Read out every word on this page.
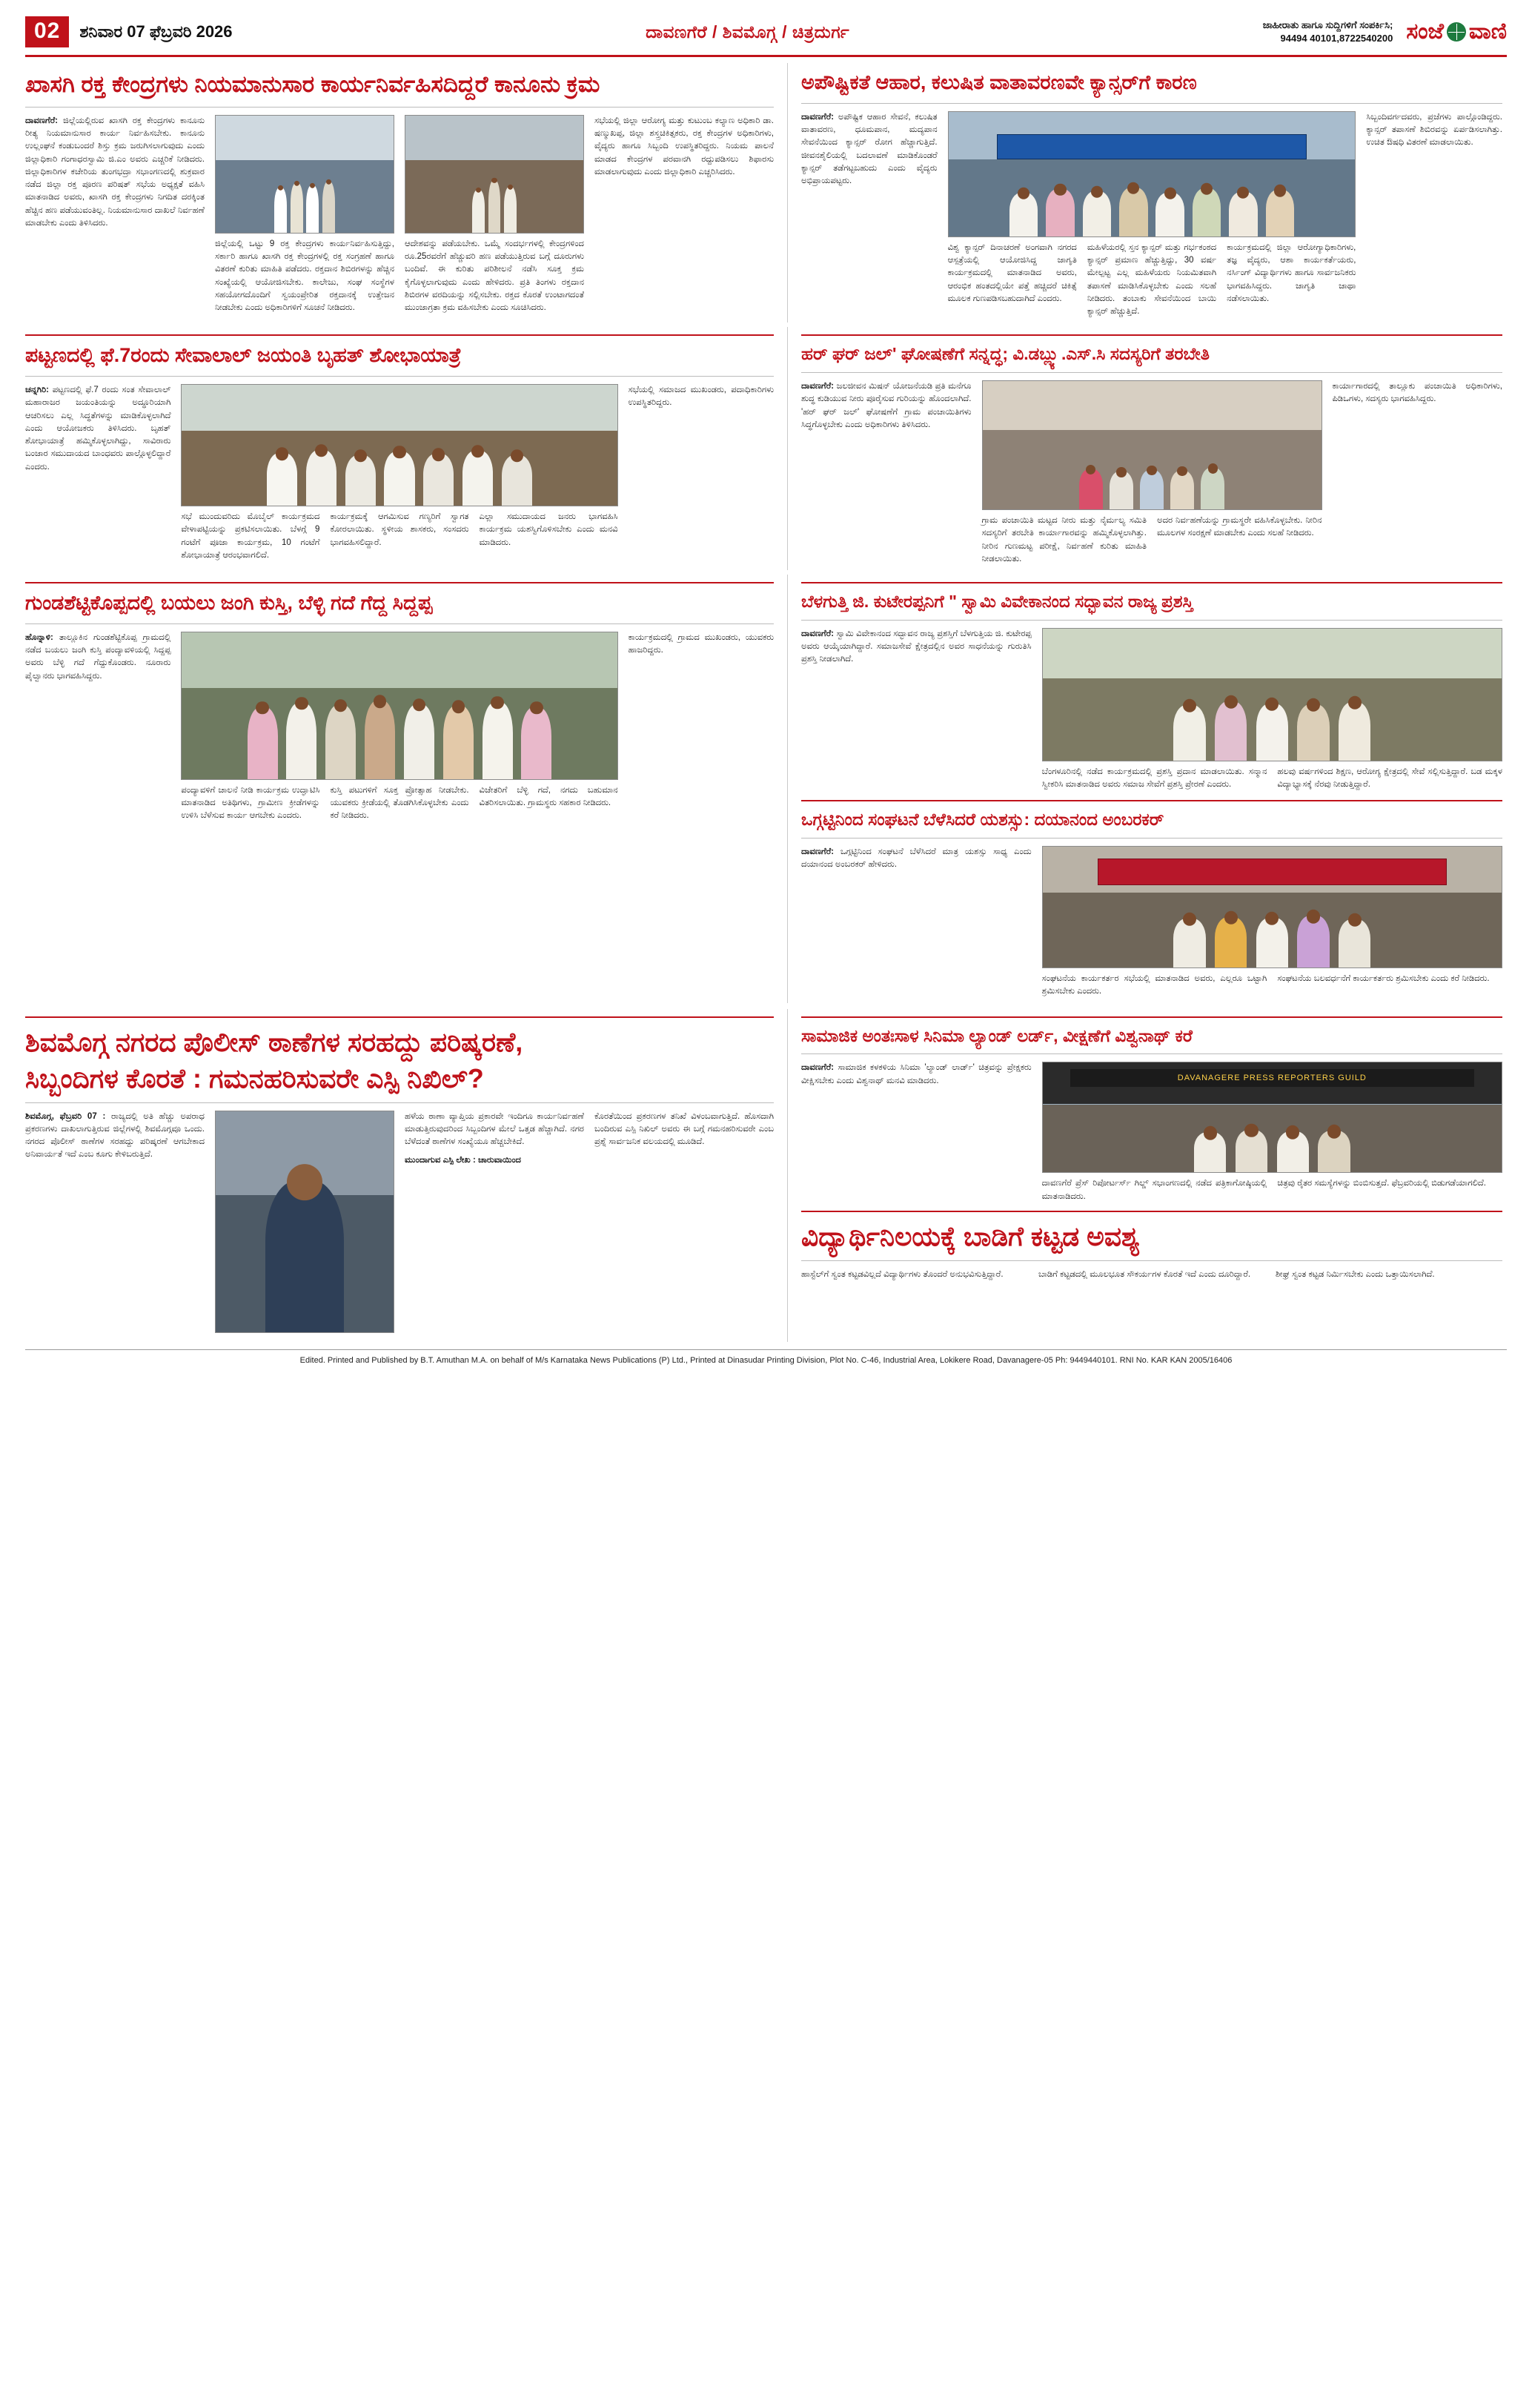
02	ಶನಿವಾರ 07 ಫೆಬ್ರವರಿ 2026	ದಾವಣಗೆರೆ / ಶಿವಮೊಗ್ಗ / ಚಿತ್ರದುರ್ಗ	ಜಾಹೀರಾತು ಹಾಗೂ ಸುದ್ದಿಗಳಿಗೆ ಸಂಪರ್ಕಿಸಿ;
94494 40101,8722540200 ಸಂಜೆ ವಾಣಿ
ಖಾಸಗಿ ರಕ್ತ ಕೇಂದ್ರಗಳು ನಿಯಮಾನುಸಾರ ಕಾರ್ಯನಿರ್ವಹಿಸದಿದ್ದರೆ ಕಾನೂನು ಕ್ರಮ
ದಾವಣಗೆರೆ: ಜಿಲ್ಲೆಯಲ್ಲಿರುವ ಖಾಸಗಿ ರಕ್ತ ಕೇಂದ್ರಗಳು ಕಾನೂನು ರೀತ್ಯ ನಿಯಮಾನುಸಾರ ಕಾರ್ಯ ನಿರ್ವಹಿಸಬೇಕು. ಕಾನೂನು ಉಲ್ಲಂಘನೆ ಕಂಡುಬಂದರೆ ಶಿಸ್ತು ಕ್ರಮ ಜರುಗಿಸಲಾಗುವುದು ಎಂದು ಜಿಲ್ಲಾಧಿಕಾರಿ ಗಂಗಾಧರಸ್ವಾಮಿ ಜಿ.ಎಂ ಅವರು ಎಚ್ಚರಿಕೆ ನೀಡಿದರು. ಜಿಲ್ಲಾಧಿಕಾರಿಗಳ ಕಚೇರಿಯ ತುಂಗಭದ್ರಾ ಸಭಾಂಗಣದಲ್ಲಿ ಶುಕ್ರವಾರ ನಡೆದ ಜಿಲ್ಲಾ ರಕ್ತ ಪೂರಣ ಪರಿಷತ್ ಸಭೆಯ ಅಧ್ಯಕ್ಷತೆ ವಹಿಸಿ ಮಾತನಾಡಿದ ಅವರು, ಖಾಸಗಿ ರಕ್ತ ಕೇಂದ್ರಗಳು ನಿಗದಿತ ದರಕ್ಕಿಂತ ಹೆಚ್ಚಿನ ಹಣ ಪಡೆಯುವಂತಿಲ್ಲ. ನಿಯಮಾನುಸಾರ ದಾಖಲೆ ನಿರ್ವಹಣೆ ಮಾಡಬೇಕು ಎಂದು ತಿಳಿಸಿದರು.
ಜಿಲ್ಲೆಯಲ್ಲಿ ಒಟ್ಟು 9 ರಕ್ತ ಕೇಂದ್ರಗಳು ಕಾರ್ಯನಿರ್ವಹಿಸುತ್ತಿದ್ದು, ಸರ್ಕಾರಿ ಹಾಗೂ ಖಾಸಗಿ ರಕ್ತ ಕೇಂದ್ರಗಳಲ್ಲಿ ರಕ್ತ ಸಂಗ್ರಹಣೆ ಹಾಗೂ ವಿತರಣೆ ಕುರಿತು ಮಾಹಿತಿ ಪಡೆದರು. ರಕ್ತದಾನ ಶಿಬಿರಗಳನ್ನು ಹೆಚ್ಚಿನ ಸಂಖ್ಯೆಯಲ್ಲಿ ಆಯೋಜಿಸಬೇಕು. ಕಾಲೇಜು, ಸಂಘ ಸಂಸ್ಥೆಗಳ ಸಹಯೋಗದೊಂದಿಗೆ ಸ್ವಯಂಪ್ರೇರಿತ ರಕ್ತದಾನಕ್ಕೆ ಉತ್ತೇಜನ ನೀಡಬೇಕು ಎಂದು ಅಧಿಕಾರಿಗಳಿಗೆ ಸೂಚನೆ ನೀಡಿದರು.
ಆದೇಶವನ್ನು ಪಡೆಯಬೇಕು. ಒಮ್ಮೆ ಸಂದರ್ಭಗಳಲ್ಲಿ ಕೇಂದ್ರಗಳಿಂದ ರೂ.25ರವರೆಗೆ ಹೆಚ್ಚುವರಿ ಹಣ ಪಡೆಯುತ್ತಿರುವ ಬಗ್ಗೆ ದೂರುಗಳು ಬಂದಿವೆ. ಈ ಕುರಿತು ಪರಿಶೀಲನೆ ನಡೆಸಿ ಸೂಕ್ತ ಕ್ರಮ ಕೈಗೊಳ್ಳಲಾಗುವುದು ಎಂದು ಹೇಳಿದರು. ಪ್ರತಿ ತಿಂಗಳು ರಕ್ತದಾನ ಶಿಬಿರಗಳ ವರದಿಯನ್ನು ಸಲ್ಲಿಸಬೇಕು. ರಕ್ತದ ಕೊರತೆ ಉಂಟಾಗದಂತೆ ಮುಂಜಾಗ್ರತಾ ಕ್ರಮ ವಹಿಸಬೇಕು ಎಂದು ಸೂಚಿಸಿದರು.
ಸಭೆಯಲ್ಲಿ ಜಿಲ್ಲಾ ಆರೋಗ್ಯ ಮತ್ತು ಕುಟುಂಬ ಕಲ್ಯಾಣ ಅಧಿಕಾರಿ ಡಾ. ಷಣ್ಮುಖಪ್ಪ, ಜಿಲ್ಲಾ ಶಸ್ತ್ರಚಿಕಿತ್ಸಕರು, ರಕ್ತ ಕೇಂದ್ರಗಳ ಅಧಿಕಾರಿಗಳು, ವೈದ್ಯರು ಹಾಗೂ ಸಿಬ್ಬಂದಿ ಉಪಸ್ಥಿತರಿದ್ದರು. ನಿಯಮ ಪಾಲನೆ ಮಾಡದ ಕೇಂದ್ರಗಳ ಪರವಾನಗಿ ರದ್ದುಪಡಿಸಲು ಶಿಫಾರಸು ಮಾಡಲಾಗುವುದು ಎಂದು ಜಿಲ್ಲಾಧಿಕಾರಿ ಎಚ್ಚರಿಸಿದರು.
ಅಪೌಷ್ಟಿಕತೆ ಆಹಾರ, ಕಲುಷಿತ ವಾತಾವರಣವೇ ಕ್ಯಾನ್ಸರ್‌ಗೆ ಕಾರಣ
ದಾವಣಗೆರೆ: ಅಪೌಷ್ಟಿಕ ಆಹಾರ ಸೇವನೆ, ಕಲುಷಿತ ವಾತಾವರಣ, ಧೂಮಪಾನ, ಮದ್ಯಪಾನ ಸೇವನೆಯಿಂದ ಕ್ಯಾನ್ಸರ್ ರೋಗ ಹೆಚ್ಚಾಗುತ್ತಿದೆ. ಜೀವನಶೈಲಿಯಲ್ಲಿ ಬದಲಾವಣೆ ಮಾಡಿಕೊಂಡರೆ ಕ್ಯಾನ್ಸರ್ ತಡೆಗಟ್ಟಬಹುದು ಎಂದು ವೈದ್ಯರು ಅಭಿಪ್ರಾಯಪಟ್ಟರು.
ವಿಶ್ವ ಕ್ಯಾನ್ಸರ್ ದಿನಾಚರಣೆ ಅಂಗವಾಗಿ ನಗರದ ಆಸ್ಪತ್ರೆಯಲ್ಲಿ ಆಯೋಜಿಸಿದ್ದ ಜಾಗೃತಿ ಕಾರ್ಯಕ್ರಮದಲ್ಲಿ ಮಾತನಾಡಿದ ಅವರು, ಆರಂಭಿಕ ಹಂತದಲ್ಲಿಯೇ ಪತ್ತೆ ಹಚ್ಚಿದರೆ ಚಿಕಿತ್ಸೆ ಮೂಲಕ ಗುಣಪಡಿಸಬಹುದಾಗಿದೆ ಎಂದರು.
ಮಹಿಳೆಯರಲ್ಲಿ ಸ್ತನ ಕ್ಯಾನ್ಸರ್ ಮತ್ತು ಗರ್ಭಕಂಠದ ಕ್ಯಾನ್ಸರ್ ಪ್ರಮಾಣ ಹೆಚ್ಚುತ್ತಿದ್ದು, 30 ವರ್ಷ ಮೇಲ್ಪಟ್ಟ ಎಲ್ಲ ಮಹಿಳೆಯರು ನಿಯಮಿತವಾಗಿ ತಪಾಸಣೆ ಮಾಡಿಸಿಕೊಳ್ಳಬೇಕು ಎಂದು ಸಲಹೆ ನೀಡಿದರು. ತಂಬಾಕು ಸೇವನೆಯಿಂದ ಬಾಯಿ ಕ್ಯಾನ್ಸರ್ ಹೆಚ್ಚುತ್ತಿದೆ.
ಕಾರ್ಯಕ್ರಮದಲ್ಲಿ ಜಿಲ್ಲಾ ಆರೋಗ್ಯಾಧಿಕಾರಿಗಳು, ತಜ್ಞ ವೈದ್ಯರು, ಆಶಾ ಕಾರ್ಯಕರ್ತೆಯರು, ನರ್ಸಿಂಗ್ ವಿದ್ಯಾರ್ಥಿಗಳು ಹಾಗೂ ಸಾರ್ವಜನಿಕರು ಭಾಗವಹಿಸಿದ್ದರು. ಜಾಗೃತಿ ಜಾಥಾ ನಡೆಸಲಾಯಿತು.
ಸಿಬ್ಬಂದಿವರ್ಗದವರು, ಪ್ರಜೆಗಳು ಪಾಲ್ಗೊಂಡಿದ್ದರು. ಕ್ಯಾನ್ಸರ್ ತಪಾಸಣೆ ಶಿಬಿರವನ್ನು ಏರ್ಪಡಿಸಲಾಗಿತ್ತು. ಉಚಿತ ಔಷಧಿ ವಿತರಣೆ ಮಾಡಲಾಯಿತು.
ಪಟ್ಟಣದಲ್ಲಿ ಫೆ.7ರಂದು ಸೇವಾಲಾಲ್ ಜಯಂತಿ ಬೃಹತ್ ಶೋಭಾಯಾತ್ರೆ
ಚನ್ನಗಿರಿ: ಪಟ್ಟಣದಲ್ಲಿ ಫೆ.7 ರಂದು ಸಂತ ಸೇವಾಲಾಲ್ ಮಹಾರಾಜರ ಜಯಂತಿಯನ್ನು ಅದ್ಧೂರಿಯಾಗಿ ಆಚರಿಸಲು ಎಲ್ಲ ಸಿದ್ಧತೆಗಳನ್ನು ಮಾಡಿಕೊಳ್ಳಲಾಗಿದೆ ಎಂದು ಆಯೋಜಕರು ತಿಳಿಸಿದರು. ಬೃಹತ್ ಶೋಭಾಯಾತ್ರೆ ಹಮ್ಮಿಕೊಳ್ಳಲಾಗಿದ್ದು, ಸಾವಿರಾರು ಬಂಜಾರ ಸಮುದಾಯದ ಬಾಂಧವರು ಪಾಲ್ಗೊಳ್ಳಲಿದ್ದಾರೆ ಎಂದರು.
ಸಭೆ ಮುಂದುವರಿದು ಮೊಬೈಲ್ ಕಾರ್ಯಕ್ರಮದ ವೇಳಾಪಟ್ಟಿಯನ್ನು ಪ್ರಕಟಿಸಲಾಯಿತು. ಬೆಳಗ್ಗೆ 9 ಗಂಟೆಗೆ ಪೂಜಾ ಕಾರ್ಯಕ್ರಮ, 10 ಗಂಟೆಗೆ ಶೋಭಾಯಾತ್ರೆ ಆರಂಭವಾಗಲಿದೆ.
ಕಾರ್ಯಕ್ರಮಕ್ಕೆ ಆಗಮಿಸುವ ಗಣ್ಯರಿಗೆ ಸ್ವಾಗತ ಕೋರಲಾಯಿತು. ಸ್ಥಳೀಯ ಶಾಸಕರು, ಸಂಸದರು ಭಾಗವಹಿಸಲಿದ್ದಾರೆ.
ಎಲ್ಲಾ ಸಮುದಾಯದ ಜನರು ಭಾಗವಹಿಸಿ ಕಾರ್ಯಕ್ರಮ ಯಶಸ್ವಿಗೊಳಿಸಬೇಕು ಎಂದು ಮನವಿ ಮಾಡಿದರು.
ಸಭೆಯಲ್ಲಿ ಸಮಾಜದ ಮುಖಂಡರು, ಪದಾಧಿಕಾರಿಗಳು ಉಪಸ್ಥಿತರಿದ್ದರು.
ಹರ್ ಘರ್ ಜಲ್' ಘೋಷಣೆಗೆ ಸನ್ನದ್ಧ; ವಿ.ಡಬ್ಲ್ಯು.ಎಸ್.ಸಿ ಸದಸ್ಯರಿಗೆ ತರಬೇತಿ
ದಾವಣಗೆರೆ: ಜಲಜೀವನ ಮಿಷನ್ ಯೋಜನೆಯಡಿ ಪ್ರತಿ ಮನೆಗೂ ಶುದ್ಧ ಕುಡಿಯುವ ನೀರು ಪೂರೈಸುವ ಗುರಿಯನ್ನು ಹೊಂದಲಾಗಿದೆ. 'ಹರ್ ಘರ್ ಜಲ್' ಘೋಷಣೆಗೆ ಗ್ರಾಮ ಪಂಚಾಯಿತಿಗಳು ಸಿದ್ಧಗೊಳ್ಳಬೇಕು ಎಂದು ಅಧಿಕಾರಿಗಳು ತಿಳಿಸಿದರು.
ಗ್ರಾಮ ಪಂಚಾಯಿತಿ ಮಟ್ಟದ ನೀರು ಮತ್ತು ನೈರ್ಮಲ್ಯ ಸಮಿತಿ ಸದಸ್ಯರಿಗೆ ತರಬೇತಿ ಕಾರ್ಯಾಗಾರವನ್ನು ಹಮ್ಮಿಕೊಳ್ಳಲಾಗಿತ್ತು. ನೀರಿನ ಗುಣಮಟ್ಟ ಪರೀಕ್ಷೆ, ನಿರ್ವಹಣೆ ಕುರಿತು ಮಾಹಿತಿ ನೀಡಲಾಯಿತು.
ಅದರ ನಿರ್ವಹಣೆಯನ್ನು ಗ್ರಾಮಸ್ಥರೇ ವಹಿಸಿಕೊಳ್ಳಬೇಕು. ನೀರಿನ ಮೂಲಗಳ ಸಂರಕ್ಷಣೆ ಮಾಡಬೇಕು ಎಂದು ಸಲಹೆ ನೀಡಿದರು.
ಕಾರ್ಯಾಗಾರದಲ್ಲಿ ತಾಲ್ಲೂಕು ಪಂಚಾಯಿತಿ ಅಧಿಕಾರಿಗಳು, ಪಿಡಿಒಗಳು, ಸದಸ್ಯರು ಭಾಗವಹಿಸಿದ್ದರು.
ಗುಂಡಶೆಟ್ಟಿಕೊಪ್ಪದಲ್ಲಿ ಬಯಲು ಜಂಗಿ ಕುಸ್ತಿ, ಬೆಳ್ಳಿ ಗದೆ ಗೆದ್ದ ಸಿದ್ದಪ್ಪ
ಹೊನ್ನಾಳಿ: ತಾಲ್ಲೂಕಿನ ಗುಂಡಶೆಟ್ಟಿಕೊಪ್ಪ ಗ್ರಾಮದಲ್ಲಿ ನಡೆದ ಬಯಲು ಜಂಗಿ ಕುಸ್ತಿ ಪಂದ್ಯಾವಳಿಯಲ್ಲಿ ಸಿದ್ದಪ್ಪ ಅವರು ಬೆಳ್ಳಿ ಗದೆ ಗೆದ್ದುಕೊಂಡರು. ನೂರಾರು ಪೈಲ್ವಾನರು ಭಾಗವಹಿಸಿದ್ದರು.
ಪಂದ್ಯಾವಳಿಗೆ ಚಾಲನೆ ನೀಡಿ ಕಾರ್ಯಕ್ರಮ ಉದ್ಘಾಟಿಸಿ ಮಾತನಾಡಿದ ಅತಿಥಿಗಳು, ಗ್ರಾಮೀಣ ಕ್ರೀಡೆಗಳನ್ನು ಉಳಿಸಿ ಬೆಳೆಸುವ ಕಾರ್ಯ ಆಗಬೇಕು ಎಂದರು.
ಕುಸ್ತಿ ಪಟುಗಳಿಗೆ ಸೂಕ್ತ ಪ್ರೋತ್ಸಾಹ ನೀಡಬೇಕು. ಯುವಕರು ಕ್ರೀಡೆಯಲ್ಲಿ ತೊಡಗಿಸಿಕೊಳ್ಳಬೇಕು ಎಂದು ಕರೆ ನೀಡಿದರು.
ವಿಜೇತರಿಗೆ ಬೆಳ್ಳಿ ಗದೆ, ನಗದು ಬಹುಮಾನ ವಿತರಿಸಲಾಯಿತು. ಗ್ರಾಮಸ್ಥರು ಸಹಕಾರ ನೀಡಿದರು.
ಕಾರ್ಯಕ್ರಮದಲ್ಲಿ ಗ್ರಾಮದ ಮುಖಂಡರು, ಯುವಕರು ಹಾಜರಿದ್ದರು.
ಬೆಳಗುತ್ತಿ ಜಿ. ಕುಟೇರಪ್ಪನಿಗೆ " ಸ್ವಾಮಿ ವಿವೇಕಾನಂದ ಸದ್ಭಾವನ ರಾಜ್ಯ ಪ್ರಶಸ್ತಿ
ದಾವಣಗೆರೆ: ಸ್ವಾಮಿ ವಿವೇಕಾನಂದ ಸದ್ಭಾವನ ರಾಜ್ಯ ಪ್ರಶಸ್ತಿಗೆ ಬೆಳಗುತ್ತಿಯ ಜಿ. ಕುಟೇರಪ್ಪ ಅವರು ಆಯ್ಕೆಯಾಗಿದ್ದಾರೆ. ಸಮಾಜಸೇವೆ ಕ್ಷೇತ್ರದಲ್ಲಿನ ಅವರ ಸಾಧನೆಯನ್ನು ಗುರುತಿಸಿ ಪ್ರಶಸ್ತಿ ನೀಡಲಾಗಿದೆ.
ಬೆಂಗಳೂರಿನಲ್ಲಿ ನಡೆದ ಕಾರ್ಯಕ್ರಮದಲ್ಲಿ ಪ್ರಶಸ್ತಿ ಪ್ರದಾನ ಮಾಡಲಾಯಿತು. ಸನ್ಮಾನ ಸ್ವೀಕರಿಸಿ ಮಾತನಾಡಿದ ಅವರು ಸಮಾಜ ಸೇವೆಗೆ ಪ್ರಶಸ್ತಿ ಪ್ರೇರಣೆ ಎಂದರು.
ಹಲವು ವರ್ಷಗಳಿಂದ ಶಿಕ್ಷಣ, ಆರೋಗ್ಯ ಕ್ಷೇತ್ರದಲ್ಲಿ ಸೇವೆ ಸಲ್ಲಿಸುತ್ತಿದ್ದಾರೆ. ಬಡ ಮಕ್ಕಳ ವಿದ್ಯಾಭ್ಯಾಸಕ್ಕೆ ನೆರವು ನೀಡುತ್ತಿದ್ದಾರೆ.
ಒಗ್ಗಟ್ಟಿನಿಂದ ಸಂಘಟನೆ ಬೆಳೆಸಿದರೆ ಯಶಸ್ಸು: ದಯಾನಂದ ಅಂಬರಕರ್
ದಾವಣಗೆರೆ: ಒಗ್ಗಟ್ಟಿನಿಂದ ಸಂಘಟನೆ ಬೆಳೆಸಿದರೆ ಮಾತ್ರ ಯಶಸ್ಸು ಸಾಧ್ಯ ಎಂದು ದಯಾನಂದ ಅಂಬರಕರ್ ಹೇಳಿದರು.
ಸಂಘಟನೆಯ ಕಾರ್ಯಕರ್ತರ ಸಭೆಯಲ್ಲಿ ಮಾತನಾಡಿದ ಅವರು, ಎಲ್ಲರೂ ಒಟ್ಟಾಗಿ ಶ್ರಮಿಸಬೇಕು ಎಂದರು.
ಸಂಘಟನೆಯ ಬಲವರ್ಧನೆಗೆ ಕಾರ್ಯಕರ್ತರು ಶ್ರಮಿಸಬೇಕು ಎಂದು ಕರೆ ನೀಡಿದರು.
ಶಿವಮೊಗ್ಗ ನಗರದ ಪೊಲೀಸ್ ಠಾಣೆಗಳ ಸರಹದ್ದು ಪರಿಷ್ಕರಣೆ,
ಸಿಬ್ಬಂದಿಗಳ ಕೊರತೆ : ಗಮನಹರಿಸುವರೇ ಎಸ್ಪಿ ನಿಖಿಲ್?
ಶಿವಮೊಗ್ಗ, ಫೆಬ್ರವರಿ 07 : ರಾಜ್ಯದಲ್ಲಿ ಅತಿ ಹೆಚ್ಚು ಅಪರಾಧ ಪ್ರಕರಣಗಳು ದಾಖಲಾಗುತ್ತಿರುವ ಜಿಲ್ಲೆಗಳಲ್ಲಿ ಶಿವಮೊಗ್ಗವೂ ಒಂದು. ನಗರದ ಪೊಲೀಸ್ ಠಾಣೆಗಳ ಸರಹದ್ದು ಪರಿಷ್ಕರಣೆ ಆಗಬೇಕಾದ ಅನಿವಾರ್ಯತೆ ಇದೆ ಎಂಬ ಕೂಗು ಕೇಳಿಬರುತ್ತಿದೆ.
ಹಳೆಯ ಠಾಣಾ ವ್ಯಾಪ್ತಿಯ ಪ್ರಕಾರವೇ ಇಂದಿಗೂ ಕಾರ್ಯನಿರ್ವಹಣೆ ಮಾಡುತ್ತಿರುವುದರಿಂದ ಸಿಬ್ಬಂದಿಗಳ ಮೇಲೆ ಒತ್ತಡ ಹೆಚ್ಚಾಗಿದೆ. ನಗರ ಬೆಳೆದಂತೆ ಠಾಣೆಗಳ ಸಂಖ್ಯೆಯೂ ಹೆಚ್ಚಬೇಕಿದೆ.
ಮುಂದಾಗುವ ಎಸ್ಪಿ ಲೇಖ : ಚಾರುವಾಯಿಂದ
ಕೊರತೆಯಿಂದ ಪ್ರಕರಣಗಳ ತನಿಖೆ ವಿಳಂಬವಾಗುತ್ತಿದೆ. ಹೊಸದಾಗಿ ಬಂದಿರುವ ಎಸ್ಪಿ ನಿಖಿಲ್ ಅವರು ಈ ಬಗ್ಗೆ ಗಮನಹರಿಸುವರೇ ಎಂಬ ಪ್ರಶ್ನೆ ಸಾರ್ವಜನಿಕ ವಲಯದಲ್ಲಿ ಮೂಡಿದೆ.
ಸಾಮಾಜಿಕ ಅಂತಃಸಾಳ ಸಿನಿಮಾ ಲ್ಯಾಂಡ್ ಲರ್ಡ್‌, ವೀಕ್ಷಣೆಗೆ ವಿಶ್ವನಾಥ್ ಕರೆ
ದಾವಣಗೆರೆ: ಸಾಮಾಜಿಕ ಕಳಕಳಿಯ ಸಿನಿಮಾ 'ಲ್ಯಾಂಡ್ ಲಾರ್ಡ್' ಚಿತ್ರವನ್ನು ಪ್ರೇಕ್ಷಕರು ವೀಕ್ಷಿಸಬೇಕು ಎಂದು ವಿಶ್ವನಾಥ್ ಮನವಿ ಮಾಡಿದರು.	DAVANAGERE PRESS REPORTERS GUILD
ದಾವಣಗೆರೆ ಪ್ರೆಸ್ ರಿಪೋರ್ಟರ್ಸ್ ಗಿಲ್ಡ್ ಸಭಾಂಗಣದಲ್ಲಿ ನಡೆದ ಪತ್ರಿಕಾಗೋಷ್ಠಿಯಲ್ಲಿ ಮಾತನಾಡಿದರು.
ಚಿತ್ರವು ರೈತರ ಸಮಸ್ಯೆಗಳನ್ನು ಬಿಂಬಿಸುತ್ತದೆ. ಫೆಬ್ರವರಿಯಲ್ಲಿ ಬಿಡುಗಡೆಯಾಗಲಿದೆ.
ವಿದ್ಯಾರ್ಥಿನಿಲಯಕ್ಕೆ ಬಾಡಿಗೆ ಕಟ್ಟಡ ಅವಶ್ಯ
ಹಾಸ್ಟೆಲ್‌ಗೆ ಸ್ವಂತ ಕಟ್ಟಡವಿಲ್ಲದೆ ವಿದ್ಯಾರ್ಥಿಗಳು ತೊಂದರೆ ಅನುಭವಿಸುತ್ತಿದ್ದಾರೆ.	ಬಾಡಿಗೆ ಕಟ್ಟಡದಲ್ಲಿ ಮೂಲಭೂತ ಸೌಕರ್ಯಗಳ ಕೊರತೆ ಇದೆ ಎಂದು ದೂರಿದ್ದಾರೆ.	ಶೀಘ್ರ ಸ್ವಂತ ಕಟ್ಟಡ ನಿರ್ಮಿಸಬೇಕು ಎಂದು ಒತ್ತಾಯಿಸಲಾಗಿದೆ.
Edited. Printed and Published by B.T. Amuthan M.A. on behalf of M/s Karnataka News Publications (P) Ltd., Printed at Dinasudar Printing Division, Plot No. C-46, Industrial Area, Lokikere Road, Davanagere-05 Ph: 9449440101. RNI No. KAR KAN 2005/16406
